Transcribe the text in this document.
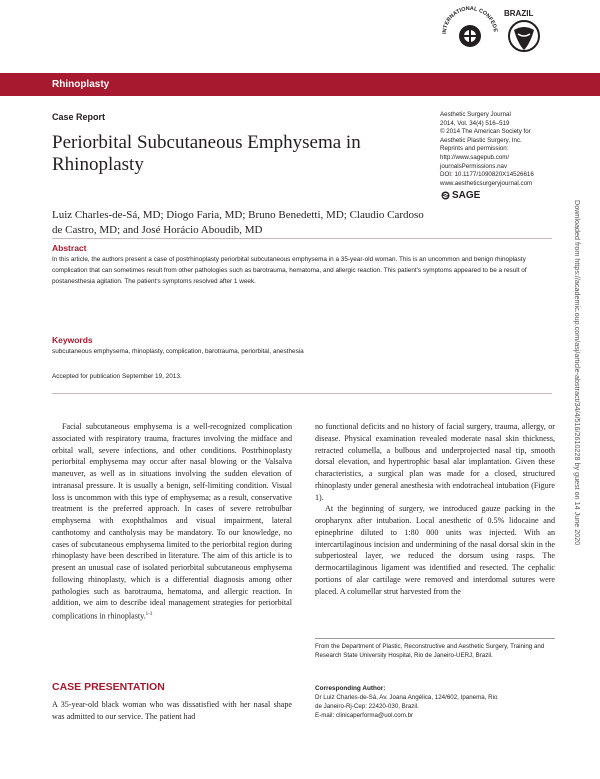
INTERNATIONAL CONFEDE
BRAZIL
Rhinoplasty
Case Report
Periorbital Subcutaneous Emphysema in Rhinoplasty
Aesthetic Surgery Journal
2014, Vol. 34(4) 516–519
© 2014 The American Society for
Aesthetic Plastic Surgery, Inc.
Reprints and permission:
http://www.sagepub.com/
journalsPermissions.nav
DOI: 10.1177/1090820X14526616
www.aestheticsurgeryjournal.com
SAGE
Luiz Charles-de-Sá, MD; Diogo Faria, MD; Bruno Benedetti, MD; Claudio Cardoso de Castro, MD; and José Horácio Aboudib, MD	Downloaded from https://academic.oup.com/asj/article-abstract/34/4/516/2610228 by guest on 14 June 2020
Abstract
In this article, the authors present a case of postrhinoplasty periorbital subcutaneous emphysema in a 35-year-old woman. This is an uncommon and benign rhinoplasty complication that can sometimes result from other pathologies such as barotrauma, hematoma, and allergic reaction. This patient's symptoms appeared to be a result of postanesthesia agitation. The patient's symptoms resolved after 1 week.
Keywords
subcutaneous emphysema, rhinoplasty, complication, barotrauma, periorbital, anesthesia
Accepted for publication September 19, 2013.

Facial subcutaneous emphysema is a well-recognized complication associated with respiratory trauma, fractures involving the midface and orbital wall, severe infections, and other conditions. Postrhinoplasty periorbital emphysema may occur after nasal blowing or the Valsalva maneuver, as well as in situations involving the sudden elevation of intranasal pressure. It is usually a benign, self-limiting condition. Visual loss is uncommon with this type of emphysema; as a result, conservative treatment is the preferred approach. In cases of severe retrobulbar emphysema with exophthalmos and visual impairment, lateral canthotomy and cantholysis may be mandatory. To our knowledge, no cases of subcutaneous emphysema limited to the periorbital region during rhinoplasty have been described in literature. The aim of this article is to present an unusual case of isolated periorbital subcutaneous emphysema following rhinoplasty, which is a differential diagnosis among other pathologies such as barotrauma, hematoma, and allergic reaction. In addition, we aim to describe ideal management strategies for periorbital complications in rhinoplasty.$^{1-3}$

CASE PRESENTATION
A 35-year-old black woman who was dissatisfied with her nasal shape was admitted to our service. The patient had

no functional deficits and no history of facial surgery, trauma, allergy, or disease. Physical examination revealed moderate nasal skin thickness, retracted columella, a bulbous and underprojected nasal tip, smooth dorsal elevation, and hypertrophic basal alar implantation. Given these characteristics, a surgical plan was made for a closed, structured rhinoplasty under general anesthesia with endotracheal intubation (Figure 1).

At the beginning of surgery, we introduced gauze packing in the oropharynx after intubation. Local anesthetic of 0.5% lidocaine and epinephrine diluted to 1:80 000 units was injected. With an intercartilaginous incision and undermining of the nasal dorsal skin in the subperiosteal layer, we reduced the dorsum using rasps. The dermocartilaginous ligament was identified and resected. The cephalic portions of alar cartilage were removed and interdomal sutures were placed. A columellar strut harvested from the

From the Department of Plastic, Reconstructive and Aesthetic Surgery, Training and Research State University Hospital, Rio de Janeiro-UERJ, Brazil.
Corresponding Author:
Dr Luiz Charles-de-Sá, Av. Joana Angélica, 124/602, Ipanema, Rio
de Janeiro-Rj-Cep: 22420-030, Brazil.
E-mail: clinicaperforma@uol.com.br
